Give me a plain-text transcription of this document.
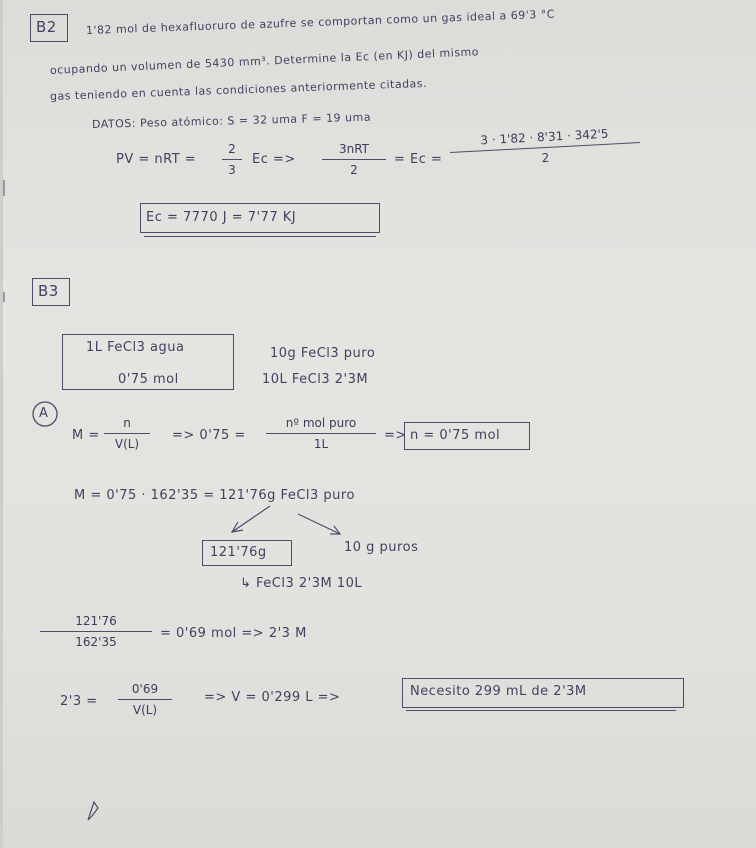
B2	1'82 mol de hexafluoruro de azufre se comportan como un gas ideal a 69'3 °C
ocupando un volumen de 5430 mm³. Determine la Ec (en KJ) del mismo
gas teniendo en cuenta las condiciones anteriormente citadas.
DATOS: Peso atómico: S = 32 uma F = 19 uma
PV = nRT =
2
3
Ec =>
3nRT
2
= Ec =
3 · 1'82 · 8'31 · 342'5
2
Ec = 7770 J = 7'77 KJ
B3
1L FeCl3 agua
0'75 mol
10g FeCl3 puro
10L FeCl3 2'3M
A
M =
n
V(L)
=> 0'75 =
nº mol puro
1L
=> n = 0'75 mol
M = 0'75 · 162'35 = 121'76g FeCl3 puro
121'76g	10 g puros
↳ FeCl3 2'3M 10L
121'76
162'35
= 0'69 mol => 2'3 M
2'3 =
0'69
V(L)
=> V = 0'299 L =>	Necesito 299 mL de 2'3M
